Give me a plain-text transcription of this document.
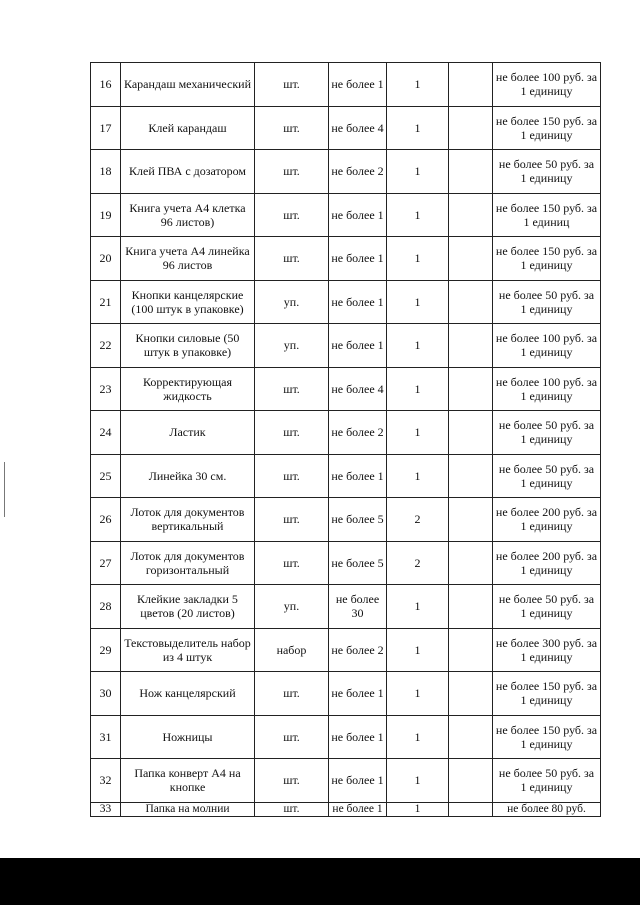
16	Карандаш механический	шт.	не более 1	1		не более 100 руб. за 1 единицу
17	Клей карандаш	шт.	не более 4	1		не более 150 руб. за 1 единицу
18	Клей ПВА с дозатором	шт.	не более 2	1		не более 50 руб. за 1 единицу
19	Книга учета А4 клетка 96 листов)	шт.	не более 1	1		не более 150 руб. за 1 единиц
20	Книга учета А4 линейка 96 листов	шт.	не более 1	1		не более 150 руб. за 1 единицу
21	Кнопки канцелярские (100 штук в упаковке)	уп.	не более 1	1		не более 50 руб. за 1 единицу
22	Кнопки силовые (50 штук в упаковке)	уп.	не более 1	1		не более 100 руб. за 1 единицу
23	Корректирующая жидкость	шт.	не более 4	1		не более 100 руб. за 1 единицу
24	Ластик	шт.	не более 2	1		не более 50 руб. за 1 единицу
25	Линейка 30 см.	шт.	не более 1	1		не более 50 руб. за 1 единицу
26	Лоток для документов вертикальный	шт.	не более 5	2		не более 200 руб. за 1 единицу
27	Лоток для документов горизонтальный	шт.	не более 5	2		не более 200 руб. за 1 единицу
28	Клейкие закладки 5 цветов (20 листов)	уп.	не более 30	1		не более 50 руб. за 1 единицу
29	Текстовыделитель набор из 4 штук	набор	не более 2	1		не более 300 руб. за 1 единицу
30	Нож канцелярский	шт.	не более 1	1		не более 150 руб. за 1 единицу
31	Ножницы	шт.	не более 1	1		не более 150 руб. за 1 единицу
32	Папка конверт А4 на кнопке	шт.	не более 1	1		не более 50 руб. за 1 единицу
33	Папка на молнии	шт.	не более 1	1		не более 80 руб.
